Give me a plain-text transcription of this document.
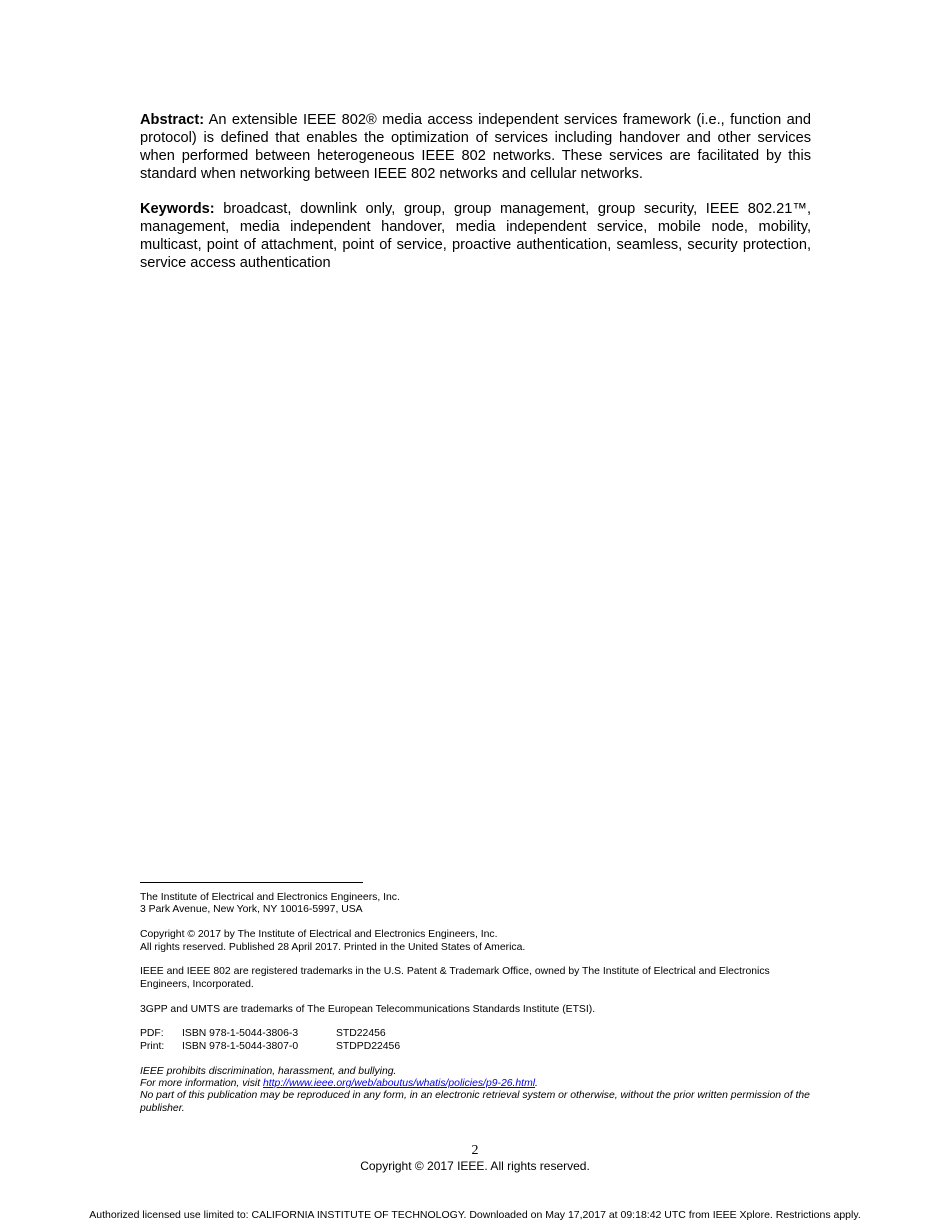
Abstract: An extensible IEEE 802® media access independent services framework (i.e., function and protocol) is defined that enables the optimization of services including handover and other services when performed between heterogeneous IEEE 802 networks. These services are facilitated by this standard when networking between IEEE 802 networks and cellular networks.

Keywords: broadcast, downlink only, group, group management, group security, IEEE 802.21™, management, media independent handover, media independent service, mobile node, mobility, multicast, point of attachment, point of service, proactive authentication, seamless, security protection, service access authentication

The Institute of Electrical and Electronics Engineers, Inc.
3 Park Avenue, New York, NY 10016-5997, USA

Copyright © 2017 by The Institute of Electrical and Electronics Engineers, Inc.
All rights reserved. Published 28 April 2017. Printed in the United States of America.

IEEE and IEEE 802 are registered trademarks in the U.S. Patent & Trademark Office, owned by The Institute of Electrical and Electronics Engineers, Incorporated.

3GPP and UMTS are trademarks of The European Telecommunications Standards Institute (ETSI).

PDF: ISBN 978-1-5044-3806-3	STD22456
Print: ISBN 978-1-5044-3807-0	STDPD22456

IEEE prohibits discrimination, harassment, and bullying.
For more information, visit http://www.ieee.org/web/aboutus/whatis/policies/p9-26.html.
No part of this publication may be reproduced in any form, in an electronic retrieval system or otherwise, without the prior written permission of the publisher.

2
Copyright © 2017 IEEE. All rights reserved.
Authorized licensed use limited to: CALIFORNIA INSTITUTE OF TECHNOLOGY. Downloaded on May 17,2017 at 09:18:42 UTC from IEEE Xplore. Restrictions apply.
